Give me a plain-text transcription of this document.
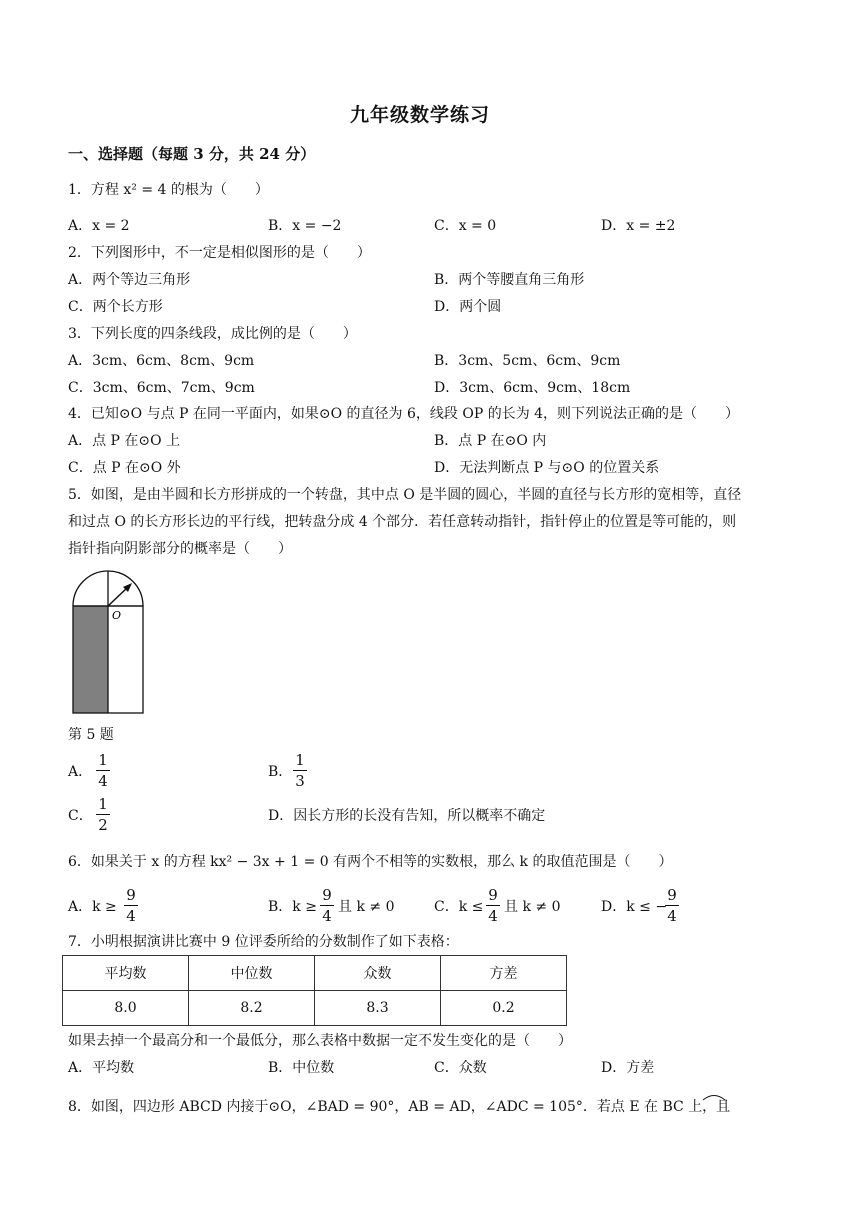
九年级数学练习
一、选择题（每题 3 分，共 24 分）
1．方程 x² = 4 的根为（　　）
A．x = 2	B．x = −2	C．x = 0	D．x = ±2
2．下列图形中，不一定是相似图形的是（　　）
A．两个等边三角形	B．两个等腰直角三角形
C．两个长方形	D．两个圆
3．下列长度的四条线段，成比例的是（　　）
A．3cm、6cm、8cm、9cm	B．3cm、5cm、6cm、9cm
C．3cm、6cm、7cm、9cm	D．3cm、6cm、9cm、18cm
4．已知⊙O 与点 P 在同一平面内，如果⊙O 的直径为 6，线段 OP 的长为 4，则下列说法正确的是（　　）
A．点 P 在⊙O 上	B．点 P 在⊙O 内
C．点 P 在⊙O 外	D．无法判断点 P 与⊙O 的位置关系
5．如图，是由半圆和长方形拼成的一个转盘，其中点 O 是半圆的圆心，半圆的直径与长方形的宽相等，直径
和过点 O 的长方形长边的平行线，把转盘分成 4 个部分．若任意转动指针，指针停止的位置是等可能的，则
指针指向阴影部分的概率是（　　）
O
第 5 题
A．
1
4	B．
1
3
C．
1
2	D．因长方形的长没有告知，所以概率不确定
6．如果关于 x 的方程 kx² − 3x + 1 = 0 有两个不相等的实数根，那么 k 的取值范围是（　　）
A．k ≥
9
4	B．k ≥
9
4 且 k ≠ 0	C．k ≤
9
4 且 k ≠ 0	D．k ≤ −
9
4
7．小明根据演讲比赛中 9 位评委所给的分数制作了如下表格：
平均数	中位数	众数	方差
8.0	8.2	8.3	0.2
如果去掉一个最高分和一个最低分，那么表格中数据一定不发生变化的是（　　）
A．平均数	B．中位数	C．众数	D．方差
8．如图，四边形 ABCD 内接于⊙O，∠BAD = 90°，AB = AD，∠ADC = 105°．若点 E 在 BC 上，且
